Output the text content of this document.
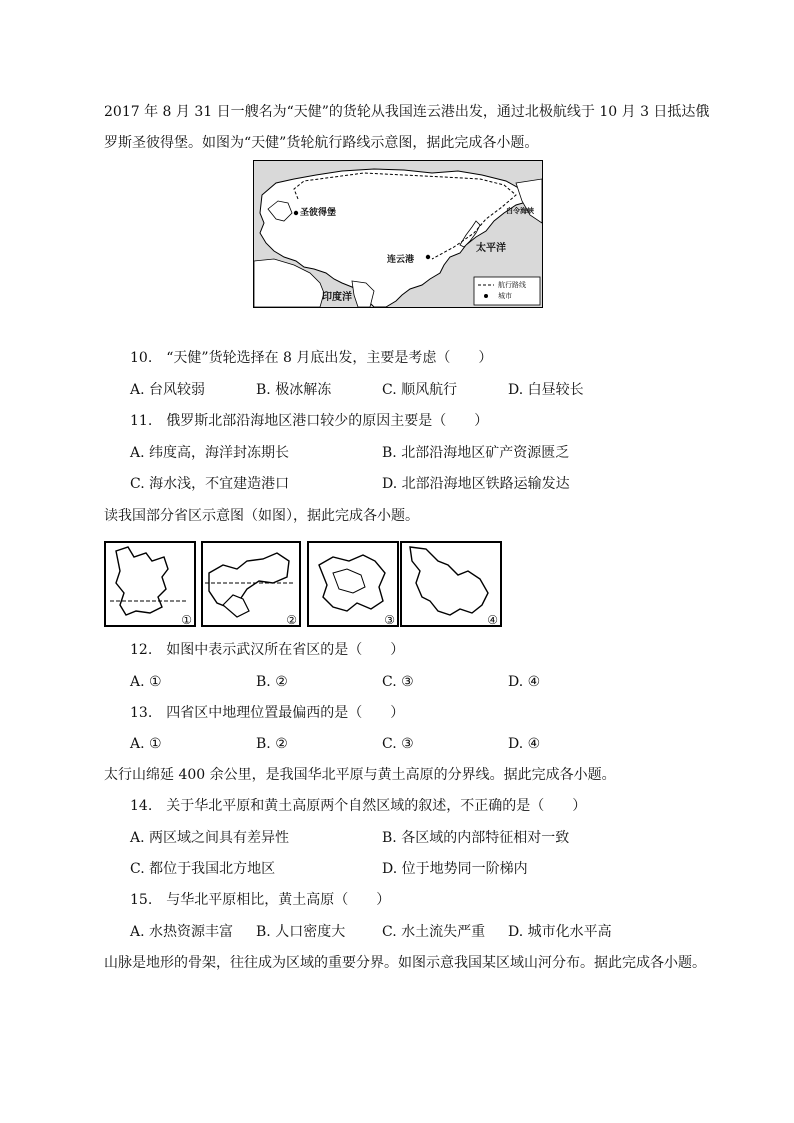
2017 年 8 月 31 日一艘名为“天健”的货轮从我国连云港出发，通过北极航线于 10 月 3 日抵达俄
罗斯圣彼得堡。如图为“天健”货轮航行路线示意图，据此完成各小题。
圣彼得堡	白令海峡
连云港
太平洋
印度洋
航行路线
城市
10.　“天健”货轮选择在 8 月底出发，主要是考虑（　　）
A. 台风较弱	B. 极冰解冻	C. 顺风航行	D. 白昼较长
11.　俄罗斯北部沿海地区港口较少的原因主要是（　　）
A. 纬度高，海洋封冻期长	B. 北部沿海地区矿产资源匮乏
C. 海水浅，不宜建造港口	D. 北部沿海地区铁路运输发达
读我国部分省区示意图（如图），据此完成各小题。
①	②	③	④
12.　如图中表示武汉所在省区的是（　　）
A. ①	B. ②	C. ③	D. ④
13.　四省区中地理位置最偏西的是（　　）
A. ①	B. ②	C. ③	D. ④
太行山绵延 400 余公里，是我国华北平原与黄土高原的分界线。据此完成各小题。
14.　关于华北平原和黄土高原两个自然区域的叙述，不正确的是（　　）
A. 两区域之间具有差异性	B. 各区域的内部特征相对一致
C. 都位于我国北方地区	D. 位于地势同一阶梯内
15.　与华北平原相比，黄土高原（　　）
A. 水热资源丰富 B. 人口密度大	C. 水土流失严重 D. 城市化水平高
山脉是地形的骨架，往往成为区域的重要分界。如图示意我国某区域山河分布。据此完成各小题。
